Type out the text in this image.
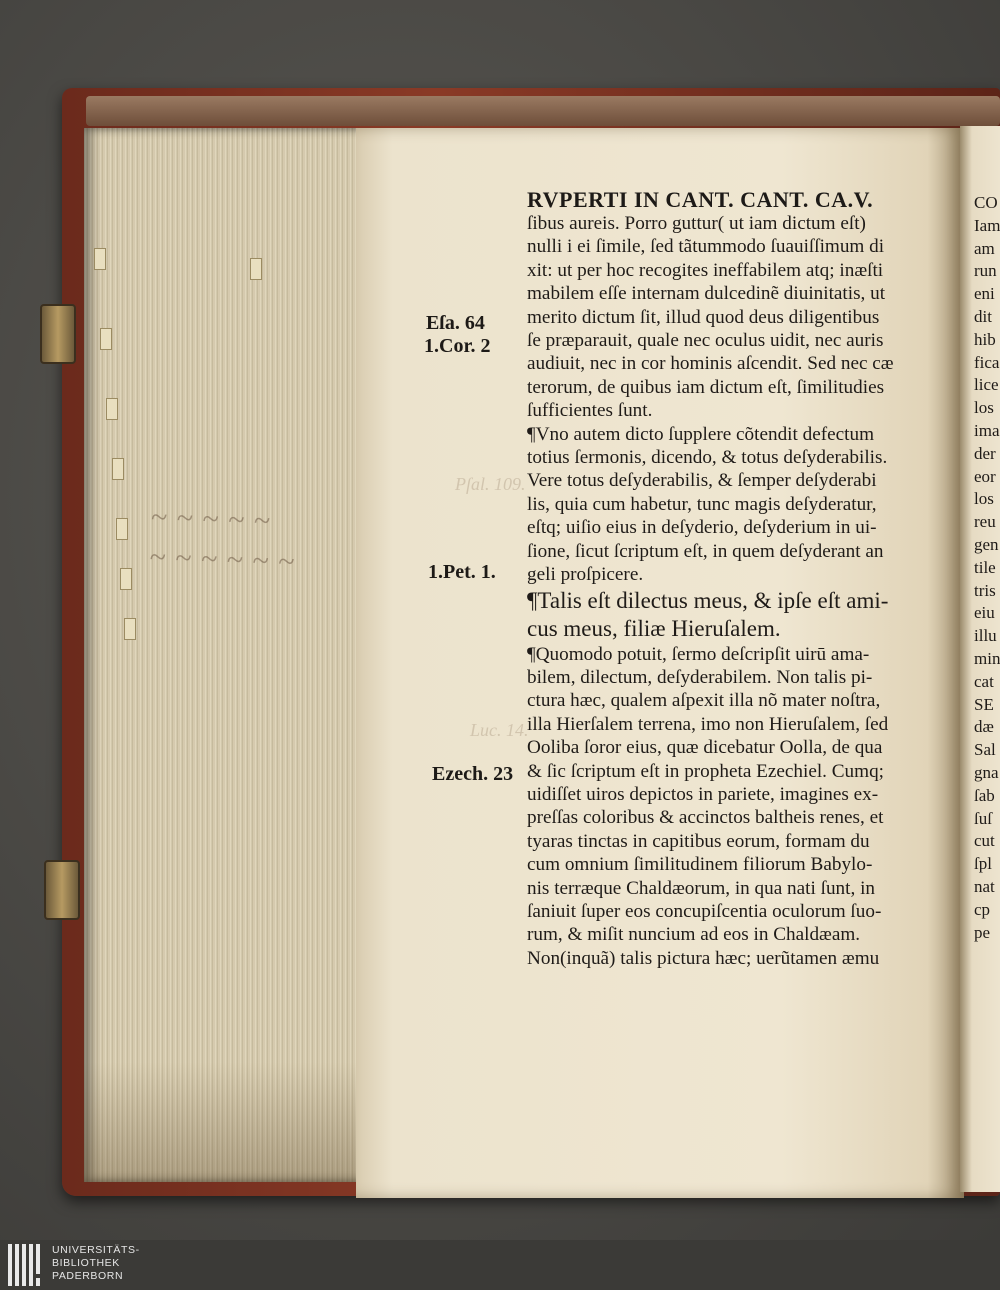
~ ~ ~ ~ ~
~ ~ ~ ~ ~ ~
Pſal. 109.
Luc. 14.
RVPERTI IN CANT. CANT. CA.V.
Eſa. 64
1.Cor. 2
1.Pet. 1.
Ezech. 23
ſibus aureis. Porro guttur( ut iam dictum eſt)
nulli i ei ſimile, ſed tãtummodo ſuauiſſimum di
xit: ut per hoc recogites ineffabilem atq; inæſti
mabilem eſſe internam dulcedinẽ diuinitatis, ut
merito dictum ſit, illud quod deus diligentibus
ſe præparauit, quale nec oculus uidit, nec auris
audiuit, nec in cor hominis aſcendit. Sed nec cæ
terorum, de quibus iam dictum eſt, ſimilitudies
ſufficientes ſunt.
¶Vno autem dicto ſupplere cõtendit defectum
totius ſermonis, dicendo, & totus deſyderabilis.
Vere totus deſyderabilis, & ſemper deſyderabi
lis, quia cum habetur, tunc magis deſyderatur,
eſtq; uiſio eius in deſyderio, deſyderium in ui-
ſione, ſicut ſcriptum eſt, in quem deſyderant an
geli proſpicere.
¶Talis eſt dilectus meus, & ipſe eſt ami-
cus meus, filiæ Hieruſalem.
¶Quomodo potuit, ſermo deſcripſit uirū ama-
bilem, dilectum, deſyderabilem. Non talis pi-
ctura hæc, qualem aſpexit illa nõ mater noſtra,
illa Hierſalem terrena, imo non Hieruſalem, ſed
Ooliba ſoror eius, quæ dicebatur Oolla, de qua
& ſic ſcriptum eſt in propheta Ezechiel. Cumq;
uidiſſet uiros depictos in pariete, imagines ex-
preſſas coloribus & accinctos baltheis renes, et
tyaras tinctas in capitibus eorum, formam du
cum omnium ſimilitudinem filiorum Babylo-
nis terræque Chaldæorum, in qua nati ſunt, in
ſaniuit ſuper eos concupiſcentia oculorum ſuo-
rum, & miſit nuncium ad eos in Chaldæam.
Non(inquã) talis pictura hæc; uerũtamen æmu
CO
Iam
am
run
eni
dit
hib
fica
lice
los
ima
der
eor
los
reu
gen
tile
tris
eiu
illu
min
cat
SE
dæ
Sal
gna
ſab
ſuſ
cut
ſpl
nat
cp
pe
UNIVERSITÄTS-
BIBLIOTHEK
PADERBORN
